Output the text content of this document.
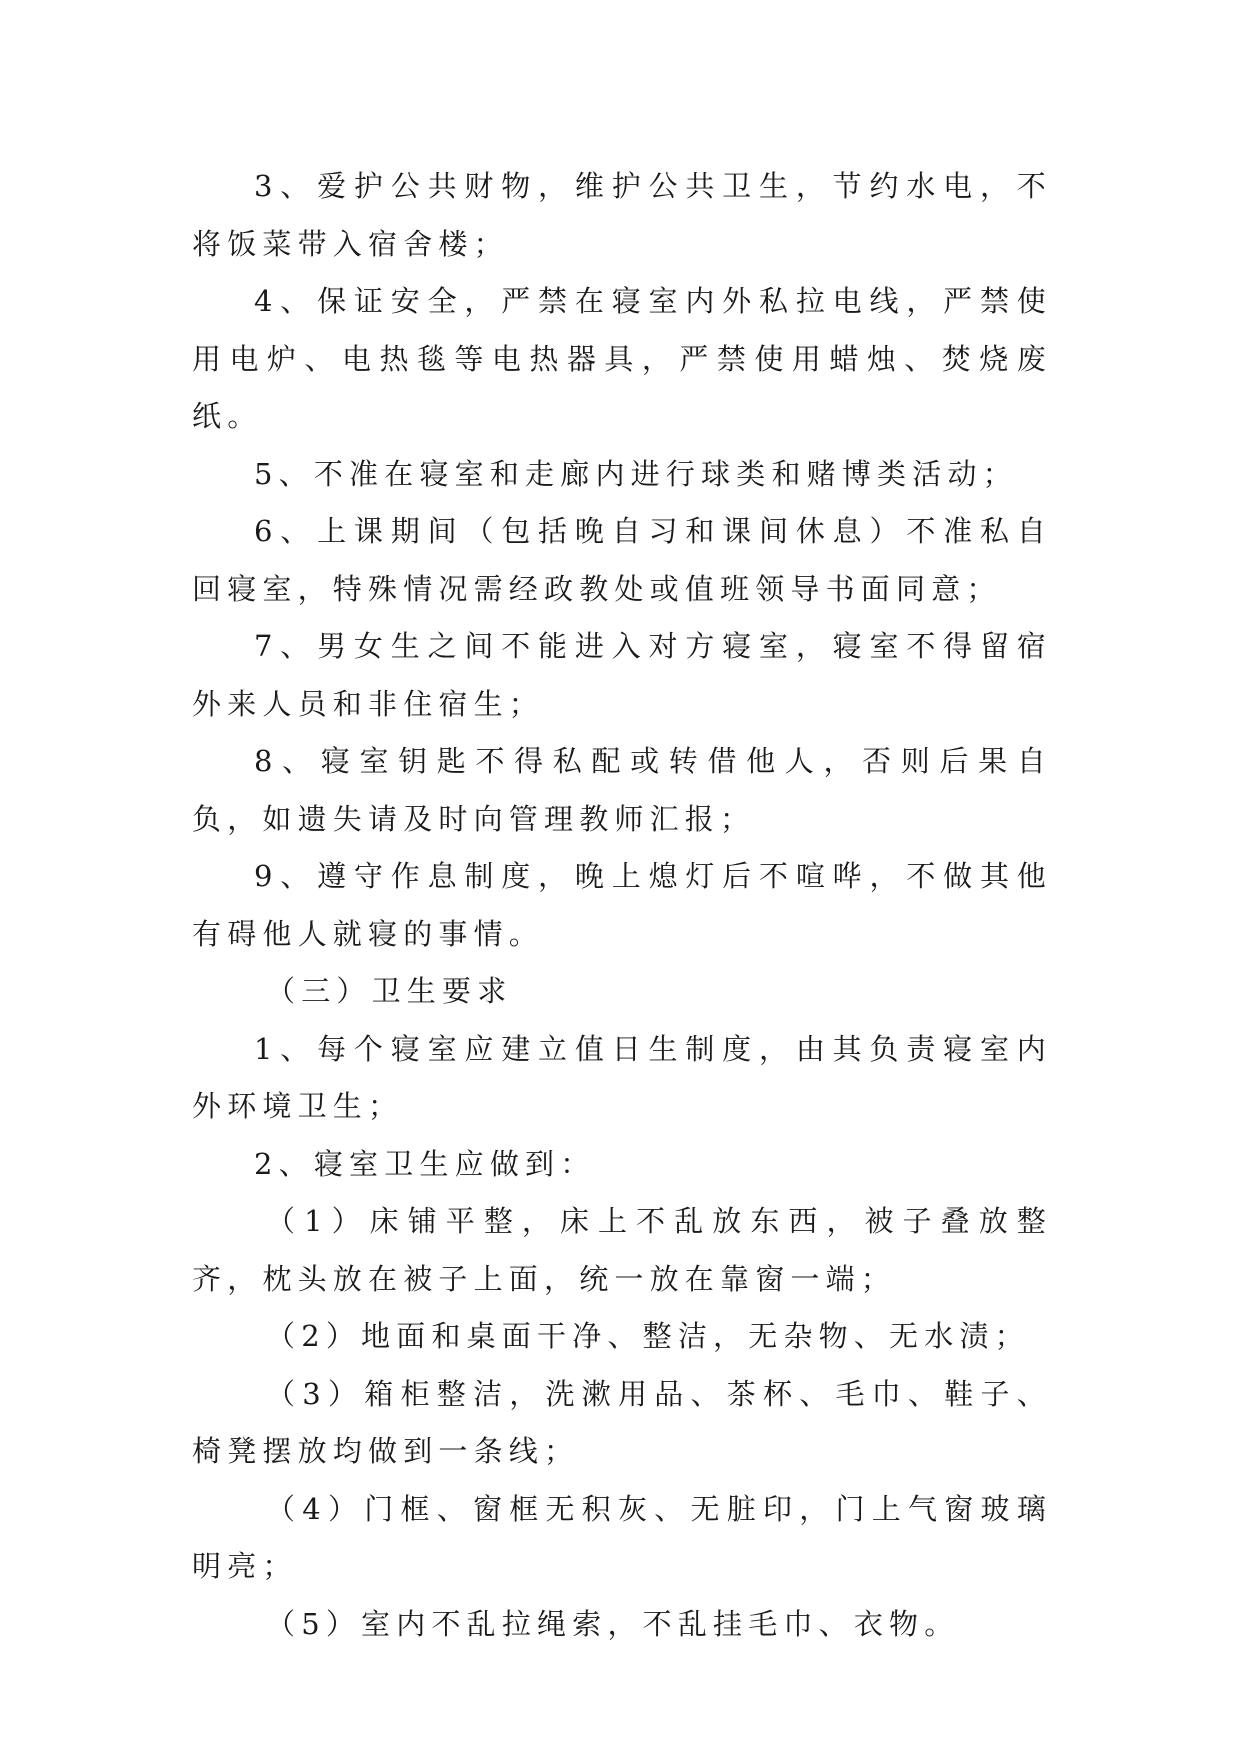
3、爱护公共财物，维护公共卫生，节约水电，不将饭菜带入宿舍楼；

4、保证安全，严禁在寝室内外私拉电线，严禁使用电炉、电热毯等电热器具，严禁使用蜡烛、焚烧废纸。

5、不准在寝室和走廊内进行球类和赌博类活动；

6、上课期间（包括晚自习和课间休息）不准私自回寝室，特殊情况需经政教处或值班领导书面同意；

7、男女生之间不能进入对方寝室，寝室不得留宿外来人员和非住宿生；

8、寝室钥匙不得私配或转借他人，否则后果自负，如遗失请及时向管理教师汇报；

9、遵守作息制度，晚上熄灯后不喧哗，不做其他有碍他人就寝的事情。

（三）卫生要求

1、每个寝室应建立值日生制度，由其负责寝室内外环境卫生；

2、寝室卫生应做到：

（1）床铺平整，床上不乱放东西，被子叠放整齐，枕头放在被子上面，统一放在靠窗一端；

（2）地面和桌面干净、整洁，无杂物、无水渍；

（3）箱柜整洁，洗漱用品、茶杯、毛巾、鞋子、椅凳摆放均做到一条线；

（4）门框、窗框无积灰、无脏印，门上气窗玻璃明亮；

（5）室内不乱拉绳索，不乱挂毛巾、衣物。
